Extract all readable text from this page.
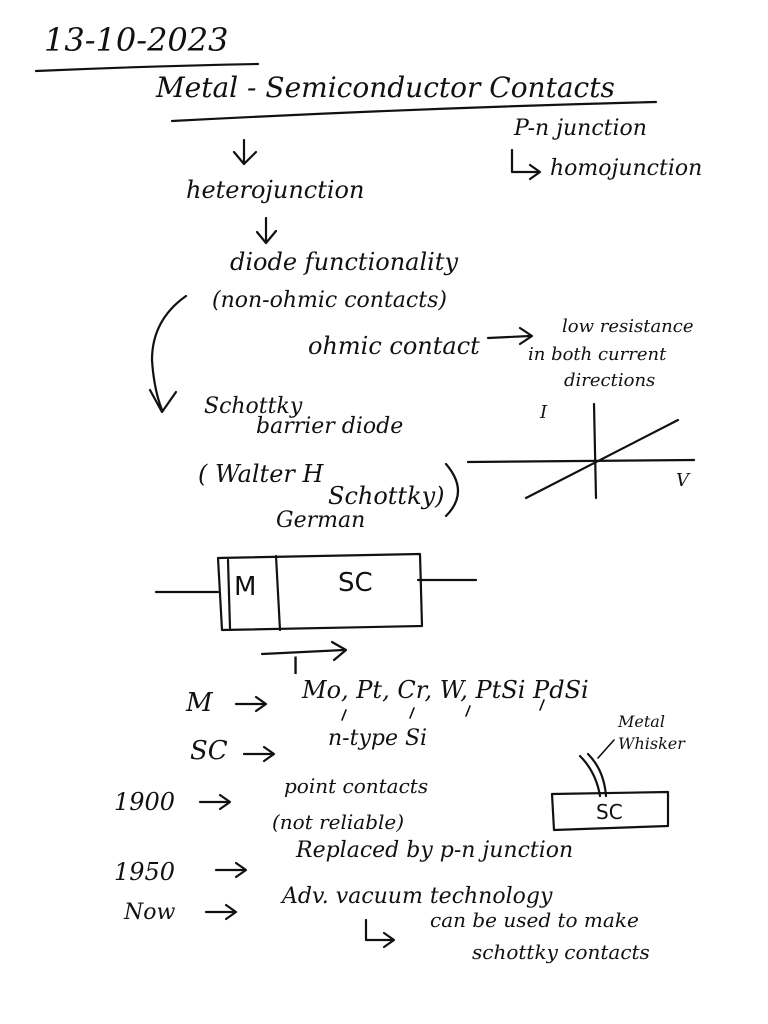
13-10-2023
Metal - Semiconductor Contacts
P-n junction
homojunction
heterojunction
diode functionality
(non-ohmic contacts)
ohmic contact
low resistance
in both current
directions
Schottky
barrier diode
( Walter H
Schottky)
German
I
V
M	SC
I
M	Mo, Pt, Cr, W, PtSi PdSi
SC	n-type Si
Metal
Whisker
SC
1900
point contacts
(not reliable)
1950
Replaced by p-n junction
Now
Adv. vacuum technology
can be used to make
schottky contacts
